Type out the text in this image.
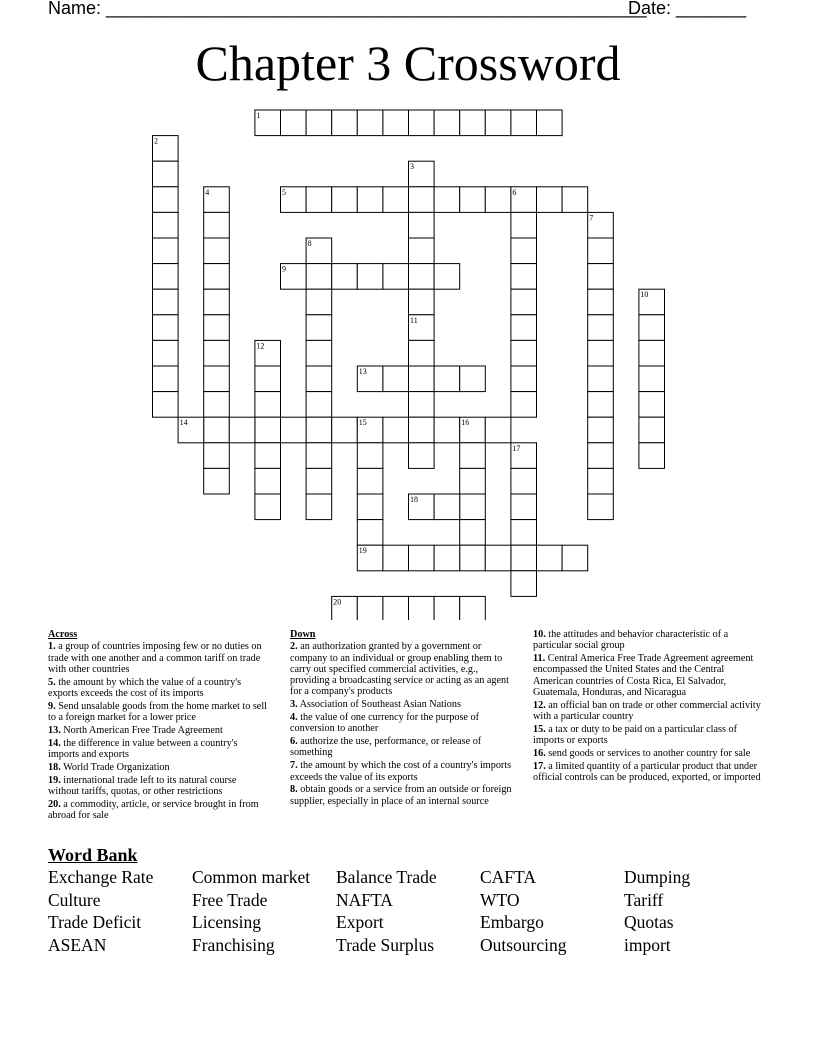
Name: ______________________________________________________
Date: _______
Chapter 3 Crossword
1
2
3
4	5	6
7
8
9
10
11
12
13
14	15	16
17
18
19
20
Across
1. a group of countries imposing few or no duties on trade with one another and a common tariff on trade with other countries
5. the amount by which the value of a country's exports exceeds the cost of its imports
9. Send unsalable goods from the home market to sell to a foreign market for a lower price
13. North American Free Trade Agreement
14. the difference in value between a country's imports and exports
18. World Trade Organization
19. international trade left to its natural course without tariffs, quotas, or other restrictions
20. a commodity, article, or service brought in from abroad for sale
Down
2. an authorization granted by a government or company to an individual or group enabling them to carry out specified commercial activities, e.g., providing a broadcasting service or acting as an agent for a company's products
3. Association of Southeast Asian Nations
4. the value of one currency for the purpose of conversion to another
6. authorize the use, performance, or release of something
7. the amount by which the cost of a country's imports exceeds the value of its exports
8. obtain goods or a service from an outside or foreign supplier, especially in place of an internal source
10. the attitudes and behavior characteristic of a particular social group
11. Central America Free Trade Agreement agreement encompassed the United States and the Central American countries of Costa Rica, El Salvador, Guatemala, Honduras, and Nicaragua
12. an official ban on trade or other commercial activity with a particular country
15. a tax or duty to be paid on a particular class of imports or exports
16. send goods or services to another country for sale
17. a limited quantity of a particular product that under official controls can be produced, exported, or imported
Word Bank
Exchange Rate	Common market	Balance Trade	CAFTA	Dumping
Culture	Free Trade	NAFTA	WTO	Tariff
Trade Deficit	Licensing	Export	Embargo	Quotas
ASEAN	Franchising	Trade Surplus	Outsourcing	import
